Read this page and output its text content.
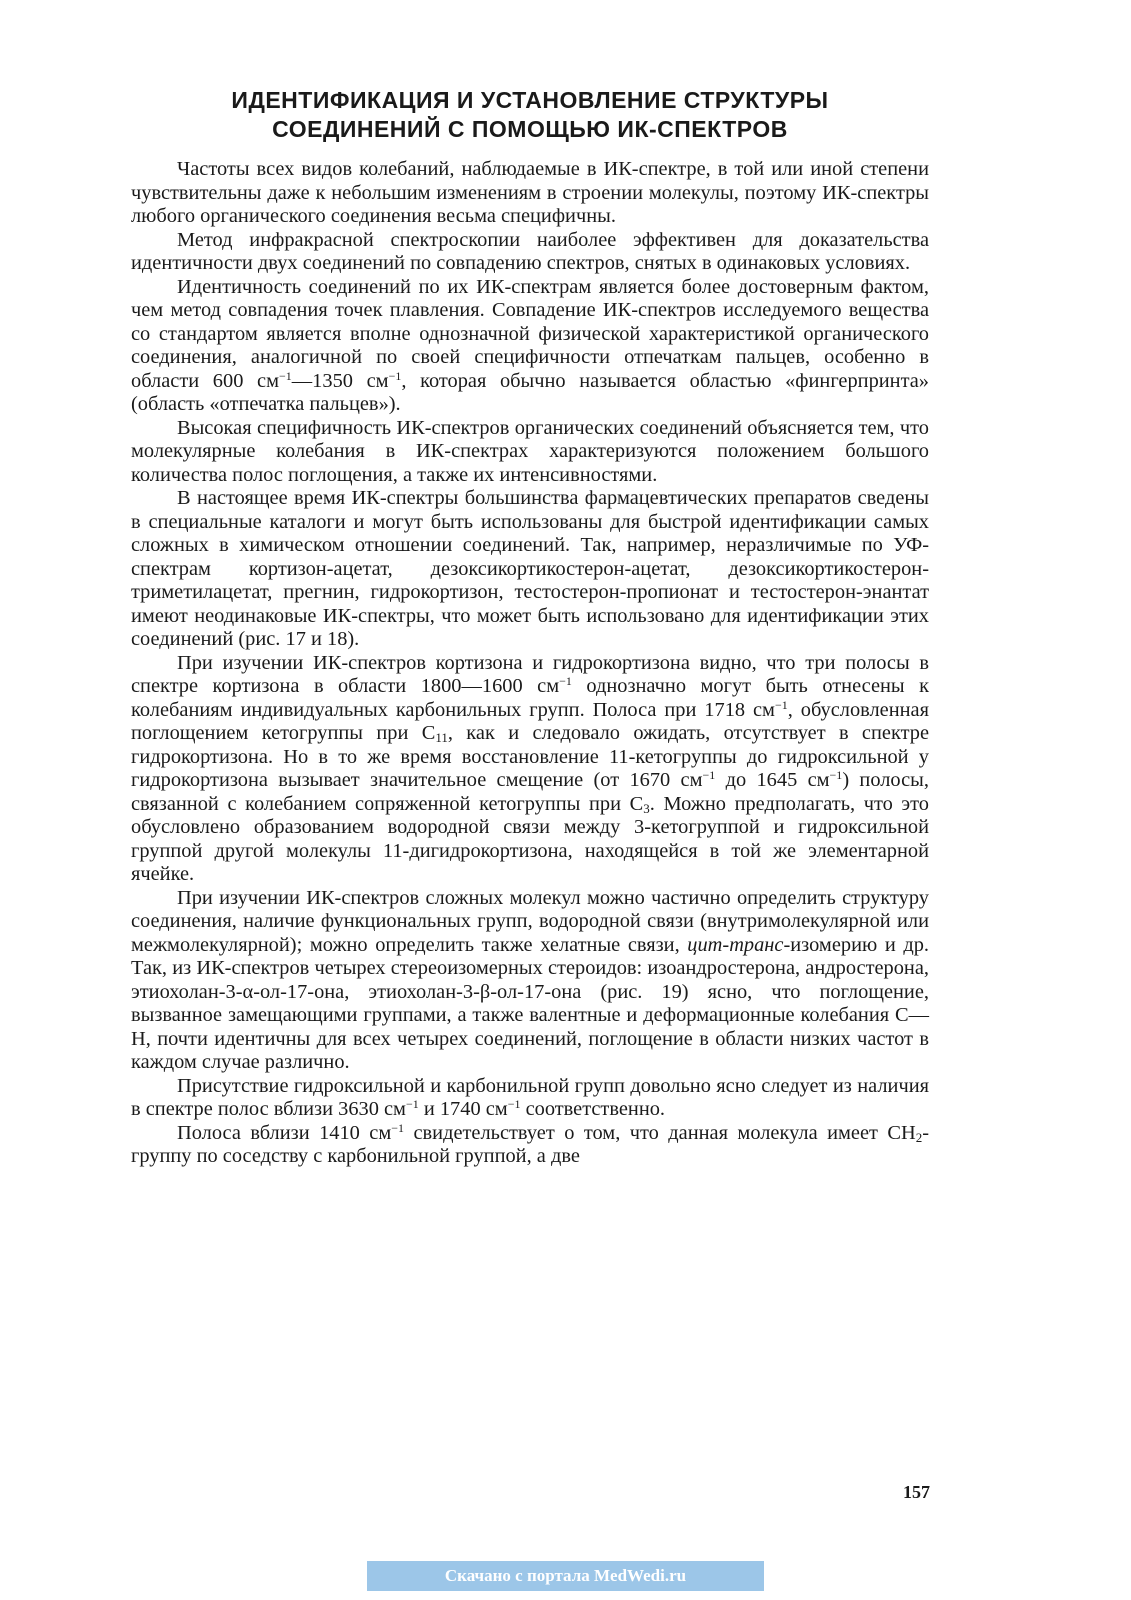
ИДЕНТИФИКАЦИЯ И УСТАНОВЛЕНИЕ СТРУКТУРЫ
СОЕДИНЕНИЙ С ПОМОЩЬЮ ИК-СПЕКТРОВ

Частоты всех видов колебаний, наблюдаемые в ИК-спектре, в той или иной степени чувствительны даже к небольшим изменениям в строении молекулы, поэтому ИК-спектры любого органического соединения весьма специфичны.

Метод инфракрасной спектроскопии наиболее эффективен для доказательства идентичности двух соединений по совпадению спектров, снятых в одинаковых условиях.

Идентичность соединений по их ИК-спектрам является более достоверным фактом, чем метод совпадения точек плавления. Совпадение ИК-спектров исследуемого вещества со стандартом является вполне однозначной физической характеристикой органического соединения, аналогичной по своей специфичности отпечаткам пальцев, особенно в области 600 $см^{-1}—1350$ $см^{-1}$, которая обычно называется областью «фингерпринта» (область «отпечатка пальцев»).

Высокая специфичность ИК-спектров органических соединений объясняется тем, что молекулярные колебания в ИК-спектрах характеризуются положением большого количества полос поглощения, а также их интенсивностями.

В настоящее время ИК-спектры большинства фармацевтических препаратов сведены в специальные каталоги и могут быть использованы для быстрой идентификации самых сложных в химическом отношении соединений. Так, например, неразличимые по УФ-спектрам кортизон-ацетат, дезоксикортикостерон-ацетат, дезоксикортикостеронтриметилацетат, прегнин, гидрокортизон, тестостерон-пропионат и тестостерон-энантат имеют неодинаковые ИК-спектры, что может быть использовано для идентификации этих соединений (рис. 17 и 18).

При изучении ИК-спектров кортизона и гидрокортизона видно, что три полосы в спектре кортизона в области 1800—1600 $см^{-1}$ однозначно могут быть отнесены к колебаниям индивидуальных карбонильных групп. Полоса при 1718 $см^{-1}$, обусловленная поглощением кетогруппы при $C_{11}$, как и следовало ожидать, отсутствует в спектре гидрокортизона. Но в то же время восстановление 11-кетогруппы до гидроксильной у гидрокортизона вызывает значительное смещение (от 1670 $см^{-1}$ до 1645 $см^{-1}$) полосы, связанной с колебанием сопряженной кетогруппы при $C_3$. Можно предполагать, что это обусловлено образованием водородной связи между 3-кетогруппой и гидроксильной группой другой молекулы 11-дигидрокортизона, находящейся в той же элементарной ячейке.

При изучении ИК-спектров сложных молекул можно частично определить структуру соединения, наличие функциональных групп, водородной связи (внутримолекулярной или межмолекулярной); можно определить также хелатные связи, цит-транс-изомерию и др. Так, из ИК-спектров четырех стереоизомерных стероидов: изоандростерона, андростерона, этиохолан-3-α-ол-17-она, этиохолан-3-β-ол-17-она (рис. 19) ясно, что поглощение, вызванное замещающими группами, а также валентные и деформационные колебания C—H, почти идентичны для всех четырех соединений, поглощение в области низких частот в каждом случае различно.

Присутствие гидроксильной и карбонильной групп довольно ясно следует из наличия в спектре полос вблизи 3630 $см^{-1}$ и 1740 $см^{-1}$ соответственно.

Полоса вблизи 1410 $см^{-1}$ свидетельствует о том, что данная молекула имеет $CH_2$-группу по соседству с карбонильной группой, а две

157
Скачано с портала MedWedi.ru
